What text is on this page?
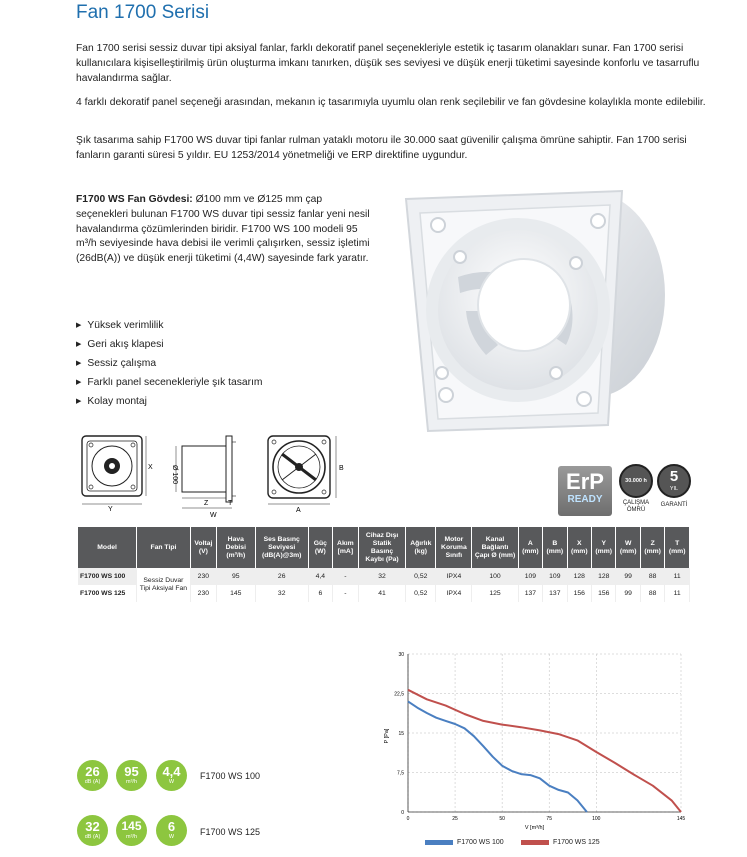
Fan 1700 Serisi
Fan 1700 serisi sessiz duvar tipi aksiyal fanlar, farklı dekoratif panel seçenekleriyle estetik iç tasarım olanakları sunar. Fan 1700 serisi kullanıcılara kişiselleştirilmiş ürün oluşturma imkanı tanırken, düşük ses seviyesi ve düşük enerji tüketimi sayesinde konforlu ve tasarruflu havalandırma sağlar.
4 farklı dekoratif panel seçeneği arasından, mekanın iç tasarımıyla uyumlu olan renk seçilebilir ve fan gövdesine kolaylıkla monte edilebilir.
Şık tasarıma sahip F1700 WS duvar tipi fanlar rulman yataklı motoru ile 30.000 saat güvenilir çalışma ömrüne sahiptir. Fan 1700 serisi fanların garanti süresi 5 yıldır. EU 1253/2014 yönetmeliği ve ERP direktifine uygundur.
F1700 WS Fan Gövdesi: Ø100 mm ve Ø125 mm çap seçenekleri bulunan F1700 WS duvar tipi sessiz fanlar yeni nesil havalandırma çözümlerinden biridir. F1700 WS 100 modeli 95 m³/h seviyesinde hava debisi ile verimli çalışırken, sessiz işletimi (26dB(A)) ve düşük enerji tüketimi (4,4W) sayesinde fark yaratır.
▶ Yüksek verimlilik
▶ Geri akış klapesi
▶ Sessiz çalışma
▶ Farklı panel secenekleriyle şık tasarım
▶ Kolay montaj
Y
X	Ø 100
Z	T
W
A
B
ErP
READY
30.000 h
ÇALIŞMA ÖMRÜ
5
YIL
GARANTİ
Model	Fan Tipi	Voltaj (V)	Hava Debisi (m³/h)	Ses Basınç Seviyesi (dB(A)@3m)	Güç (W)	Akım [mA]	Cihaz Dışı Statik Basınç Kaybı (Pa)	Ağırlık (kg)	Motor Koruma Sınıfı	Kanal Bağlantı Çapı Ø (mm)	A (mm)	B (mm)	X (mm)	Y (mm)	W (mm)	Z (mm)	T (mm)
F1700 WS 100	Sessiz Duvar Tipi Aksiyal Fan	230	95	26	4,4	-	32	0,52	IPX4	100	109	109	128	128	99	88	11
F1700 WS 125		230	145	32	6	-	41	0,52	IPX4	125	137	137	156	156	99	88	11
26
dB (A)
95
m³/h
4,4
W
F1700 WS 100
32
dB (A)
145
m³/h
6
W	F1700 WS 125
0	25	50	75	100	145
0
7,5
15
22,5
30
P [Pa]
V [m³/h]
F1700 WS 100	F1700 WS 125
